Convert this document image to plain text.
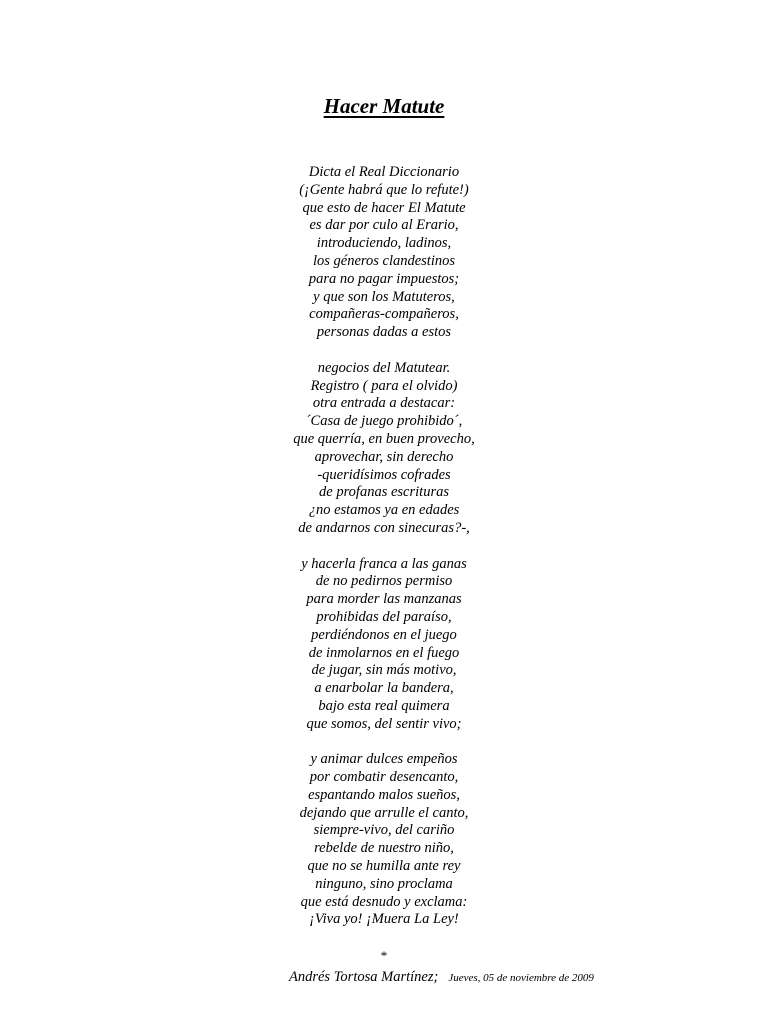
Hacer Matute
Dicta el Real Diccionario
(¡Gente habrá que lo refute!)
que esto de hacer El Matute
es dar por culo al Erario,
introduciendo, ladinos,
los géneros clandestinos
para no pagar impuestos;
y que son los Matuteros,
compañeras-compañeros,
personas dadas a estos
negocios del Matutear.
Registro ( para el olvido)
otra entrada a destacar:
´Casa de juego prohibido´,
que querría, en buen provecho,
aprovechar, sin derecho
-queridísimos cofrades
de profanas escrituras
¿no estamos ya en edades
de andarnos con sinecuras?-,
y hacerla franca a las ganas
de no pedirnos permiso
para morder las manzanas
prohibidas del paraíso,
perdiéndonos en el juego
de inmolarnos en el fuego
de jugar, sin más motivo,
a enarbolar la bandera,
bajo esta real quimera
que somos, del sentir vivo;
y animar dulces empeños
por combatir desencanto,
espantando malos sueños,
dejando que arrulle el canto,
siempre-vivo, del cariño
rebelde de nuestro niño,
que no se humilla ante rey
ninguno, sino proclama
que está desnudo y exclama:
¡Viva yo! ¡Muera La Ley!
*
Andrés Tortosa Martínez; Jueves, 05 de noviembre de 2009
